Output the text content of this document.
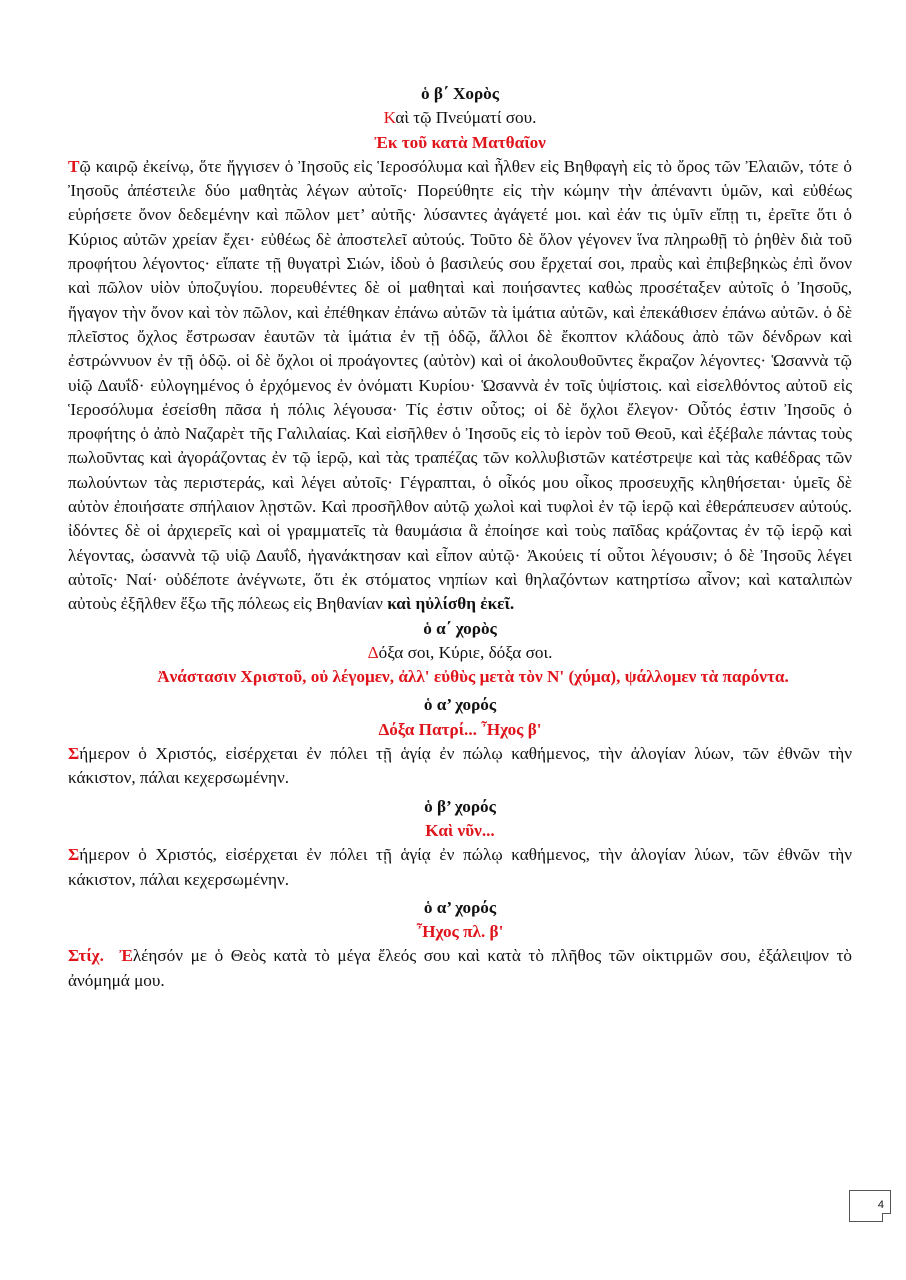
ὁ β΄ Χορὸς
Καὶ τῷ Πνεύματί σου.
Ἐκ τοῦ κατὰ Ματθαῖον

Τῷ καιρῷ ἐκείνῳ, ὅτε ἤγγισεν ὁ Ἰησοῦς εἰς Ἱεροσόλυμα καὶ ἦλθεν εἰς Βηθφαγὴ εἰς τὸ ὄρος τῶν Ἐλαιῶν, τότε ὁ Ἰησοῦς ἀπέστειλε δύο μαθητὰς λέγων αὐτοῖς· Πορεύθητε εἰς τὴν κώμην τὴν ἀπέναντι ὑμῶν, καὶ εὐθέως εὑρήσετε ὄνον δεδεμένην καὶ πῶλον μετ’ αὐτῆς· λύσαντες ἀγάγετέ μοι. καὶ ἐάν τις ὑμῖν εἴπῃ τι, ἐρεῖτε ὅτι ὁ Κύριος αὐτῶν χρείαν ἔχει· εὐθέως δὲ ἀποστελεῖ αὐτούς. Τοῦτο δὲ ὅλον γέγονεν ἵνα πληρωθῇ τὸ ῥηθὲν διὰ τοῦ προφήτου λέγοντος· εἴπατε τῇ θυγατρὶ Σιών, ἰδοὺ ὁ βασιλεύς σου ἔρχεταί σοι, πραῢς καὶ ἐπιβεβηκὼς ἐπὶ ὄνον καὶ πῶλον υἱὸν ὑποζυγίου. πορευθέντες δὲ οἱ μαθηταὶ καὶ ποιήσαντες καθὼς προσέταξεν αὐτοῖς ὁ Ἰησοῦς, ἤγαγον τὴν ὄνον καὶ τὸν πῶλον, καὶ ἐπέθηκαν ἐπάνω αὐτῶν τὰ ἱμάτια αὐτῶν, καὶ ἐπεκάθισεν ἐπάνω αὐτῶν. ὁ δὲ πλεῖστος ὄχλος ἔστρωσαν ἑαυτῶν τὰ ἱμάτια ἐν τῇ ὁδῷ, ἄλλοι δὲ ἔκοπτον κλάδους ἀπὸ τῶν δένδρων καὶ ἐστρώννυον ἐν τῇ ὁδῷ. οἱ δὲ ὄχλοι οἱ προάγοντες (αὐτὸν) καὶ οἱ ἀκολουθοῦντες ἔκραζον λέγοντες· Ὡσαννὰ τῷ υἱῷ Δαυΐδ· εὐλογημένος ὁ ἐρχόμενος ἐν ὀνόματι Κυρίου· Ὡσαννὰ ἐν τοῖς ὑψίστοις. καὶ εἰσελθόντος αὐτοῦ εἰς Ἱεροσόλυμα ἐσείσθη πᾶσα ἡ πόλις λέγουσα· Τίς ἐστιν οὗτος; οἱ δὲ ὄχλοι ἔλεγον· Οὗτός ἐστιν Ἰησοῦς ὁ προφήτης ὁ ἀπὸ Ναζαρὲτ τῆς Γαλιλαίας. Καὶ εἰσῆλθεν ὁ Ἰησοῦς εἰς τὸ ἱερὸν τοῦ Θεοῦ, καὶ ἐξέβαλε πάντας τοὺς πωλοῦντας καὶ ἀγοράζοντας ἐν τῷ ἱερῷ, καὶ τὰς τραπέζας τῶν κολλυβιστῶν κατέστρεψε καὶ τὰς καθέδρας τῶν πωλούντων τὰς περιστεράς, καὶ λέγει αὐτοῖς· Γέγραπται, ὁ οἶκός μου οἶκος προσευχῆς κληθήσεται· ὑμεῖς δὲ αὐτὸν ἐποιήσατε σπήλαιον λῃστῶν. Καὶ προσῆλθον αὐτῷ χωλοὶ καὶ τυφλοὶ ἐν τῷ ἱερῷ καὶ ἐθεράπευσεν αὐτούς. ἰδόντες δὲ οἱ ἀρχιερεῖς καὶ οἱ γραμματεῖς τὰ θαυμάσια ἃ ἐποίησε καὶ τοὺς παῖδας κράζοντας ἐν τῷ ἱερῷ καὶ λέγοντας, ὡσαννὰ τῷ υἱῷ Δαυΐδ, ἠγανάκτησαν καὶ εἶπον αὐτῷ· Ἀκούεις τί οὗτοι λέγουσιν; ὁ δὲ Ἰησοῦς λέγει αὐτοῖς· Ναί· οὐδέποτε ἀνέγνωτε, ὅτι ἐκ στόματος νηπίων καὶ θηλαζόντων κατηρτίσω αἶνον; καὶ καταλιπὼν αὐτοὺς ἐξῆλθεν ἔξω τῆς πόλεως εἰς Βηθανίαν καὶ ηὐλίσθη ἐκεῖ.

ὁ α΄ χορὸς
Δόξα σοι, Κύριε, δόξα σοι.
Ἀνάστασιν Χριστοῦ, οὐ λέγομεν, ἀλλ' εὐθὺς μετὰ τὸν Ν' (χύμα), ψάλλομεν τὰ παρόντα.
ὁ α’ χορός
Δόξα Πατρί... Ἦχος β'

Σήμερον ὁ Χριστός, εἰσέρχεται ἐν πόλει τῇ ἁγίᾳ ἐν πώλῳ καθήμενος, τὴν ἀλογίαν λύων, τῶν ἐθνῶν τὴν κάκιστον, πάλαι κεχερσωμένην.

ὁ β’ χορός
Καὶ νῦν...

Σήμερον ὁ Χριστός, εἰσέρχεται ἐν πόλει τῇ ἁγίᾳ ἐν πώλῳ καθήμενος, τὴν ἀλογίαν λύων, τῶν ἐθνῶν τὴν κάκιστον, πάλαι κεχερσωμένην.

ὁ α’ χορός
Ἦχος πλ. β'

Στίχ. Ἐλέησόν με ὁ Θεὸς κατὰ τὸ μέγα ἔλεός σου καὶ κατὰ τὸ πλῆθος τῶν οἰκτιρμῶν σου, ἐξάλειψον τὸ ἀνόμημά μου.

4
